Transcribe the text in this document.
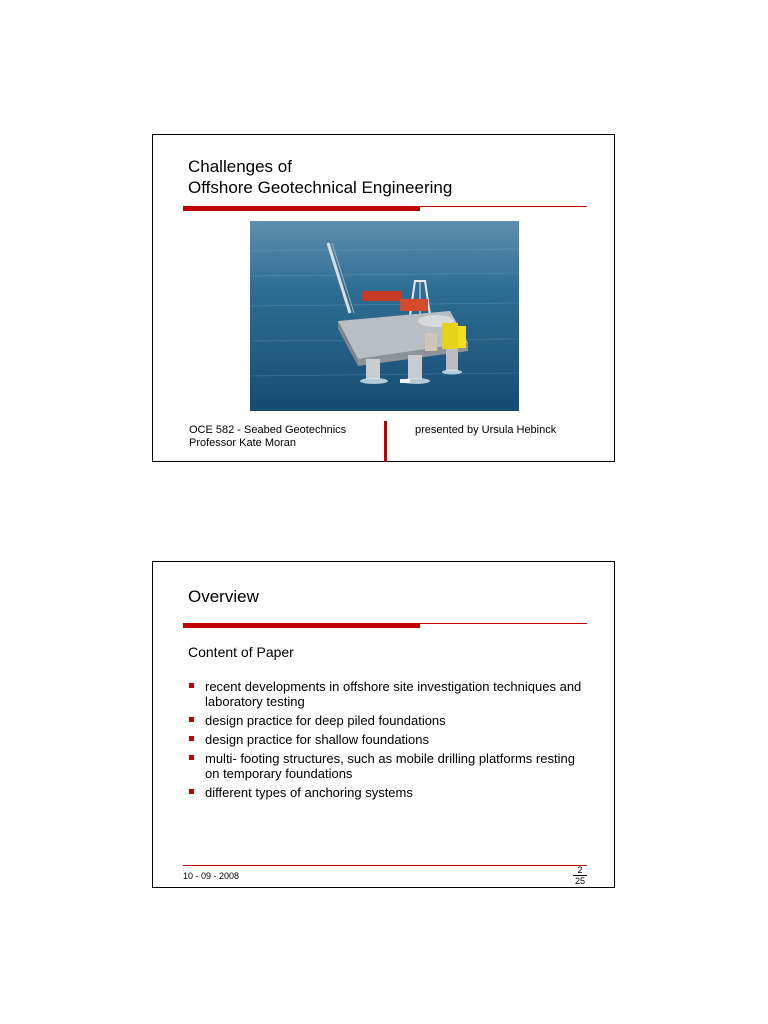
Challenges of
Offshore Geotechnical Engineering
OCE 582 - Seabed Geotechnics
Professor Kate Moran
presented by Ursula Hebinck
Overview
Content of Paper
recent developments in offshore site investigation techniques and laboratory testing
design practice for deep piled foundations
design practice for shallow foundations
multi- footing structures, such as mobile drilling platforms resting on temporary foundations
different types of anchoring systems
10 - 09 - 2008	$\frac{2}{25}$
